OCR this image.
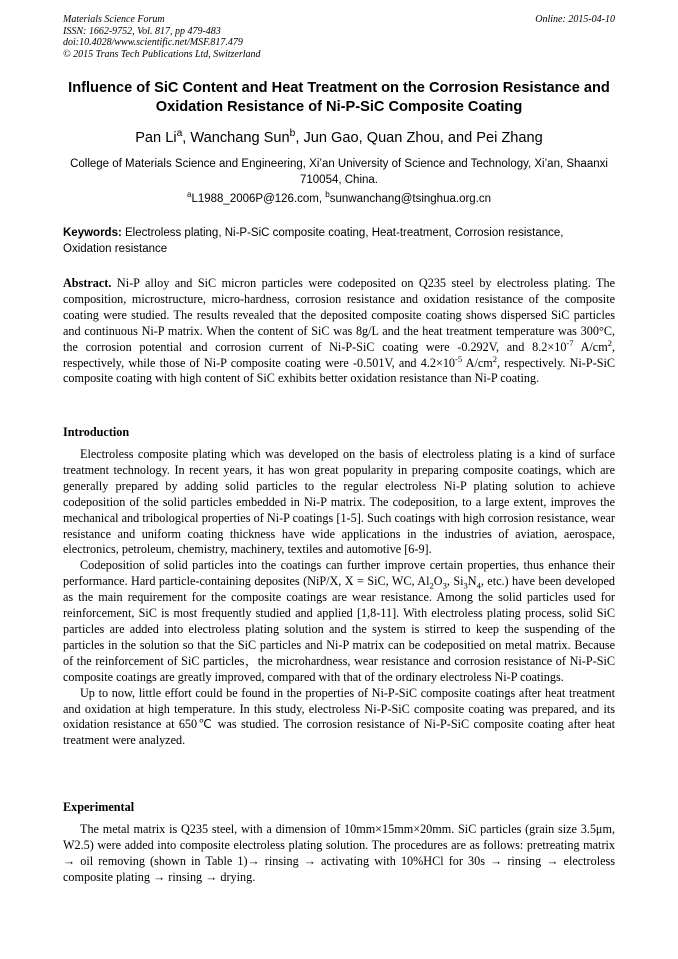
Materials Science Forum
ISSN: 1662-9752, Vol. 817, pp 479-483
doi:10.4028/www.scientific.net/MSF.817.479
© 2015 Trans Tech Publications Ltd, Switzerland
Online: 2015-04-10
Influence of SiC Content and Heat Treatment on the Corrosion Resistance and Oxidation Resistance of Ni-P-SiC Composite Coating
Pan Li$^a$, Wanchang Sun$^b$, Jun Gao, Quan Zhou, and Pei Zhang
College of Materials Science and Engineering, Xi’an University of Science and Technology, Xi’an, Shaanxi 710054, China.
$^a$L1988_2006P@126.com, $^b$sunwanchang@tsinghua.org.cn
Keywords: Electroless plating, Ni-P-SiC composite coating, Heat-treatment, Corrosion resistance, Oxidation resistance
Abstract. Ni-P alloy and SiC micron particles were codeposited on Q235 steel by electroless plating. The composition, microstructure, micro-hardness, corrosion resistance and oxidation resistance of the composite coating were studied. The results revealed that the deposited composite coating shows dispersed SiC particles and continuous Ni-P matrix. When the content of SiC was 8g/L and the heat treatment temperature was 300°C, the corrosion potential and corrosion current of Ni-P-SiC coating were -0.292V, and $8.2\times 10^{-7}$ $A/cm^2$, respectively, while those of Ni-P composite coating were -0.501V, and $4.2\times 10^{-5}$ $A/cm^2$, respectively. Ni-P-SiC composite coating with high content of SiC exhibits better oxidation resistance than Ni-P coating.
Introduction

Electroless composite plating which was developed on the basis of electroless plating is a kind of surface treatment technology. In recent years, it has won great popularity in preparing composite coatings, which are generally prepared by adding solid particles to the regular electroless Ni-P plating solution to achieve codeposition of the solid particles embedded in Ni-P matrix. The codeposition, to a large extent, improves the mechanical and tribological properties of Ni-P coatings [1-5]. Such coatings with high corrosion resistance, wear resistance and uniform coating thickness have wide applications in the industries of aviation, aerospace, electronics, petroleum, chemistry, machinery, textiles and automotive [6-9].

Codeposition of solid particles into the coatings can further improve certain properties, thus enhance their performance. Hard particle-containing deposites (NiP/X, X = SiC, WC, $Al_2O_3$, $Si_3N_4$, etc.) have been developed as the main requirement for the composite coatings are wear resistance. Among the solid particles used for reinforcement, SiC is most frequently studied and applied [1,8-11]. With electroless plating process, solid SiC particles are added into electroless plating solution and the system is stirred to keep the suspending of the particles in the solution so that the SiC particles and Ni-P matrix can be codepositied on metal matrix. Because of the reinforcement of SiC particles，the microhardness, wear resistance and corrosion resistance of Ni-P-SiC composite coatings are greatly improved, compared with that of the ordinary electroless Ni-P coatings.

Up to now, little effort could be found in the properties of Ni-P-SiC composite coatings after heat treatment and oxidation at high temperature. In this study, electroless Ni-P-SiC composite coating was prepared, and its oxidation resistance at 650℃ was studied. The corrosion resistance of Ni-P-SiC composite coating after heat treatment were analyzed.

Experimental

The metal matrix is Q235 steel, with a dimension of 10mm×15mm×20mm. SiC particles (grain size 3.5μm, W2.5) were added into composite electroless plating solution. The procedures are as follows: pretreating matrix → oil removing (shown in Table 1)→ rinsing → activating with 10%HCl for 30s → rinsing → electroless composite plating → rinsing → drying.
